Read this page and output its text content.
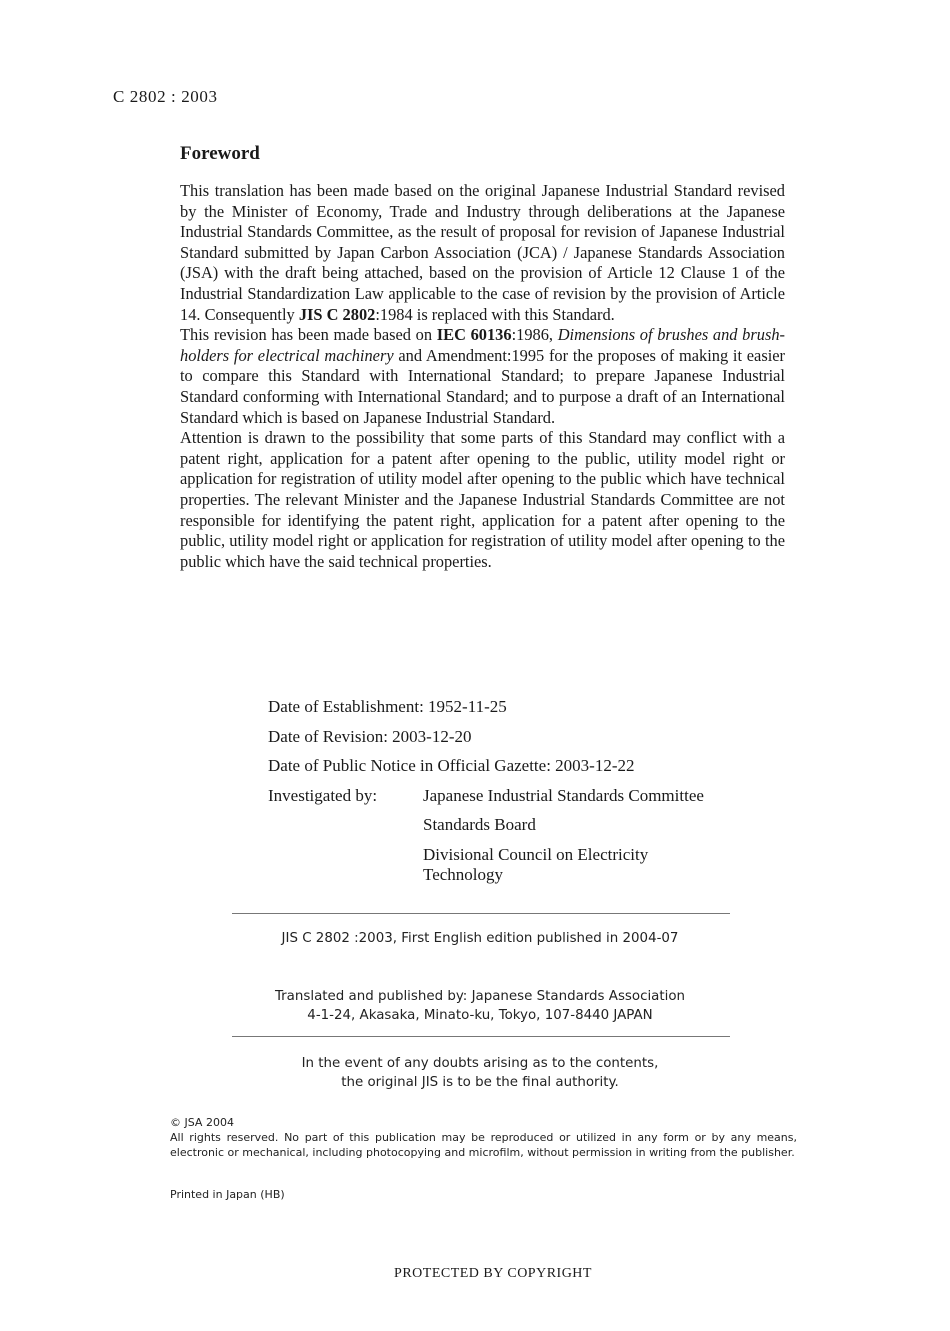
C 2802 : 2003
Foreword

This translation has been made based on the original Japanese Industrial Standard revised by the Minister of Economy, Trade and Industry through deliberations at the Japanese Industrial Standards Committee, as the result of proposal for revision of Japanese Industrial Standard submitted by Japan Carbon Association (JCA) / Japanese Standards Association (JSA) with the draft being attached, based on the provision of Article 12 Clause 1 of the Industrial Standardization Law applicable to the case of revision by the provision of Article 14. Consequently JIS C 2802:1984 is replaced with this Standard.

This revision has been made based on IEC 60136:1986, Dimensions of brushes and brush-holders for electrical machinery and Amendment:1995 for the proposes of making it easier to compare this Standard with International Standard; to prepare Japanese Industrial Standard conforming with International Standard; and to purpose a draft of an International Standard which is based on Japanese Industrial Standard.

Attention is drawn to the possibility that some parts of this Standard may conflict with a patent right, application for a patent after opening to the public, utility model right or application for registration of utility model after opening to the public which have technical properties. The relevant Minister and the Japanese Industrial Standards Committee are not responsible for identifying the patent right, application for a patent after opening to the public, utility model right or application for registration of utility model after opening to the public which have the said technical properties.

Date of Establishment: 1952-11-25
Date of Revision: 2003-12-20
Date of Public Notice in Official Gazette: 2003-12-22
Investigated by:	Japanese Industrial Standards Committee
Standards Board
Divisional Council on Electricity
Technology
JIS C 2802 :2003, First English edition published in 2004-07
Translated and published by: Japanese Standards Association
4-1-24, Akasaka, Minato-ku, Tokyo, 107-8440 JAPAN
In the event of any doubts arising as to the contents,
the original JIS is to be the final authority.
© JSA 2004
All rights reserved. No part of this publication may be reproduced or utilized in any form or by any means, electronic or mechanical, including photocopying and microfilm, without permission in writing from the publisher.
Printed in Japan (HB)
PROTECTED BY COPYRIGHT
